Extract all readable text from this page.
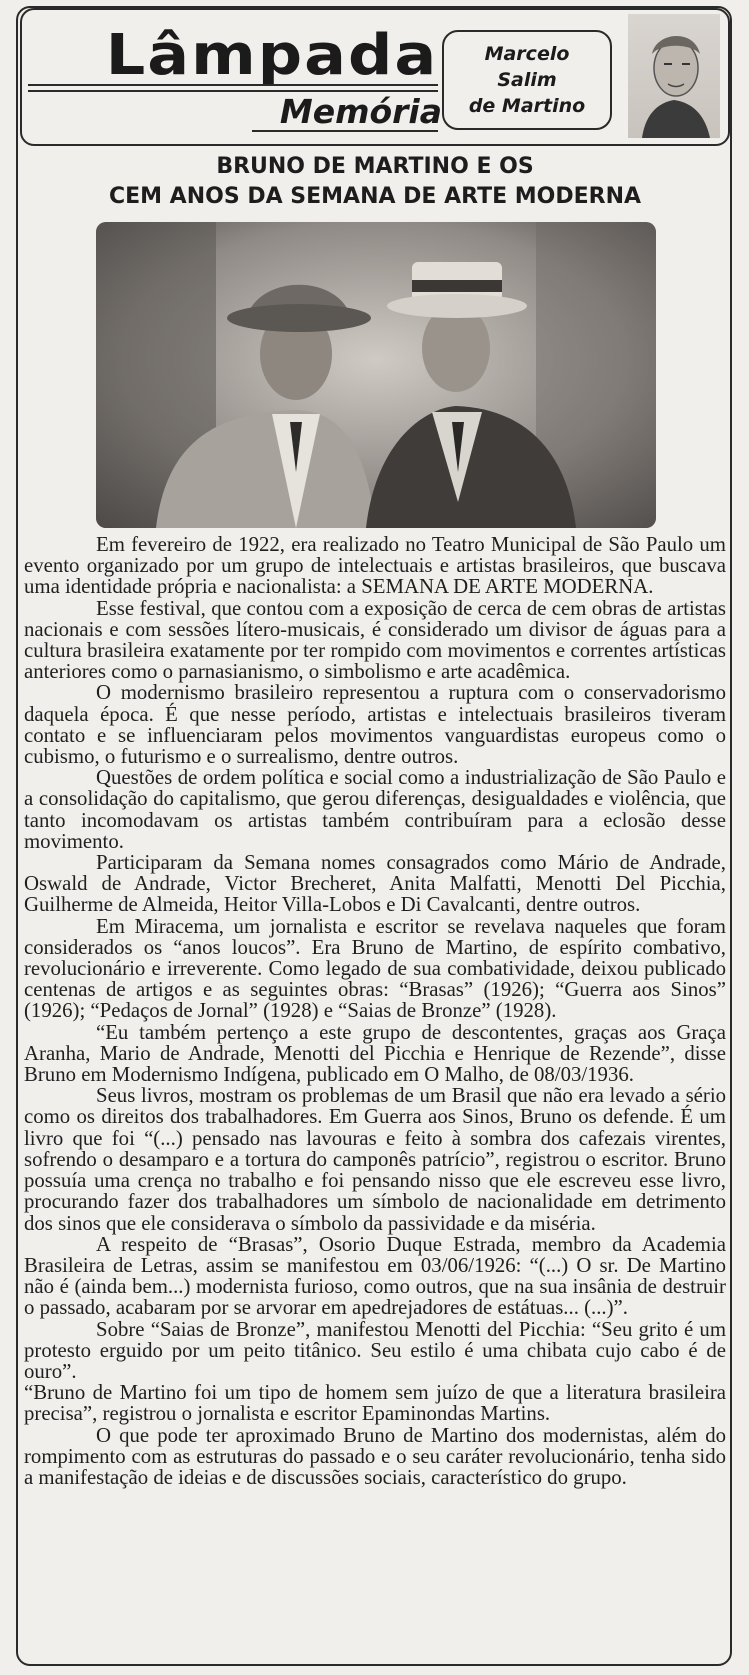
Lâmpada
Memória
Marcelo
Salim
de Martino
BRUNO DE MARTINO E OS
CEM ANOS DA SEMANA DE ARTE MODERNA

Em fevereiro de 1922, era realizado no Teatro Municipal de São Paulo um evento organizado por um grupo de intelectuais e artistas brasileiros, que buscava uma identidade própria e nacionalista: a SEMANA DE ARTE MODERNA.

Esse festival, que contou com a exposição de cerca de cem obras de artistas nacionais e com sessões lítero-musicais, é considerado um divisor de águas para a cultura brasileira exatamente por ter rompido com movimentos e correntes artísticas anteriores como o parnasianismo, o simbolismo e arte acadêmica.

O modernismo brasileiro representou a ruptura com o conservadorismo daquela época. É que nesse período, artistas e intelectuais brasileiros tiveram contato e se influenciaram pelos movimentos vanguardistas europeus como o cubismo, o futurismo e o surrealismo, dentre outros.

Questões de ordem política e social como a industrialização de São Paulo e a consolidação do capitalismo, que gerou diferenças, desigualdades e violência, que tanto incomodavam os artistas também contribuíram para a eclosão desse movimento.

Participaram da Semana nomes consagrados como Mário de Andrade, Oswald de Andrade, Victor Brecheret, Anita Malfatti, Menotti Del Picchia, Guilherme de Almeida, Heitor Villa-Lobos e Di Cavalcanti, dentre outros.

Em Miracema, um jornalista e escritor se revelava naqueles que foram considerados os “anos loucos”. Era Bruno de Martino, de espírito combativo, revolucionário e irreverente. Como legado de sua combatividade, deixou publicado centenas de artigos e as seguintes obras: “Brasas” (1926); “Guerra aos Sinos” (1926); “Pedaços de Jornal” (1928) e “Saias de Bronze” (1928).

“Eu também pertenço a este grupo de descontentes, graças aos Graça Aranha, Mario de Andrade, Menotti del Picchia e Henrique de Rezende”, disse Bruno em Modernismo Indígena, publicado em O Malho, de 08/03/1936.

Seus livros, mostram os problemas de um Brasil que não era levado a sério como os direitos dos trabalhadores. Em Guerra aos Sinos, Bruno os defende. É um livro que foi “(...) pensado nas lavouras e feito à sombra dos cafezais virentes, sofrendo o desamparo e a tortura do camponês patrício”, registrou o escritor. Bruno possuía uma crença no trabalho e foi pensando nisso que ele escreveu esse livro, procurando fazer dos trabalhadores um símbolo de nacionalidade em detrimento dos sinos que ele considerava o símbolo da passividade e da miséria.

A respeito de “Brasas”, Osorio Duque Estrada, membro da Academia Brasileira de Letras, assim se manifestou em 03/06/1926: “(...) O sr. De Martino não é (ainda bem...) modernista furioso, como outros, que na sua insânia de destruir o passado, acabaram por se arvorar em apedrejadores de estátuas... (...)”.

Sobre “Saias de Bronze”, manifestou Menotti del Picchia: “Seu grito é um protesto erguido por um peito titânico. Seu estilo é uma chibata cujo cabo é de ouro”.

“Bruno de Martino foi um tipo de homem sem juízo de que a literatura brasileira precisa”, registrou o jornalista e escritor Epaminondas Martins.

O que pode ter aproximado Bruno de Martino dos modernistas, além do rompimento com as estruturas do passado e o seu caráter revolucionário, tenha sido a manifestação de ideias e de discussões sociais, característico do grupo.
